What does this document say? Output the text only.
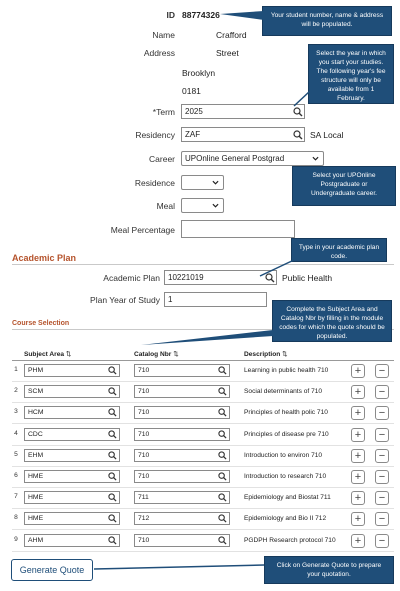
ID 88774326
Name	Crafford
Address	Street
Brooklyn
0181
Your student number, name & address will be populated.
*Term	2025
Select the year in which you start your studies. The following year's fee structure will only be available from 1 February.
Residency	ZAF	SA Local
Career	UPOnline General Postgrad
Select your UPOnline Postgraduate or Undergraduate career.
Residence
Meal
Meal Percentage
Academic Plan
Academic Plan	10221019	Public Health
Plan Year of Study	1
Type in your academic plan code.
Course Selection
Complete the Subject Area and Catalog Nbr by filling in the module codes for which the quote should be populated.
Subject Area ⇅	Catalog Nbr ⇅	Description ⇅
1	PHM	710	Learning in public health 710	+	−
2	SCM	710	Social determinants of 710	+	−
3	HCM	710	Principles of health polic 710	+	−
4	CDC	710	Principles of disease pre 710	+	−
5	EHM	710	Introduction to environ 710	+	−
6	HME	710	Introduction to research 710	+	−
7	HME	711	Epidemiology and Biostat 711	+	−
8	HME	712	Epidemiology and Bio II 712	+	−
9	AHM	710	PGDPH Research protocol 710	+	−
Generate Quote	Click on Generate Quote to prepare your quotation.
